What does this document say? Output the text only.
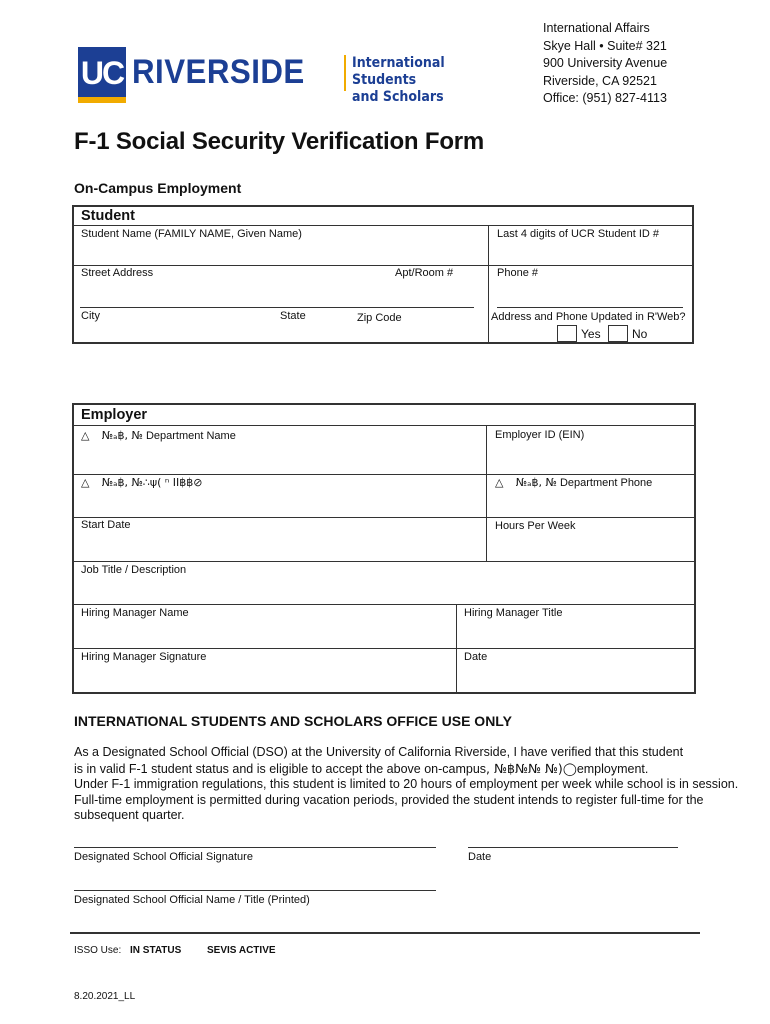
UC RIVERSIDE	International Students
and Scholars
International Affairs
Skye Hall • Suite# 321
900 University Avenue
Riverside, CA 92521
Office: (951) 827-4113
F-1 Social Security Verification Form
On-Campus Employment
Student
Student Name (FAMILY NAME, Given Name)	Last 4 digits of UCR Student ID #
Street Address	Apt/Room #	Phone #
City	State	Zip Code	Address and Phone Updated in R'Web?
Yes	No
Employer
△ №ₐ฿, № Department Name	Employer ID (EIN)
△ №ₐ฿, №∴ψ( ⁿ ⅠⅠ฿฿⊘	△ №ₐ฿, № Department Phone
Start Date	Hours Per Week
Job Title / Description
Hiring Manager Name	Hiring Manager Title
Hiring Manager Signature	Date
INTERNATIONAL STUDENTS AND SCHOLARS OFFICE USE ONLY
As a Designated School Official (DSO) at the University of California Riverside, I have verified that this student
is in valid F-1 student status and is eligible to accept the above on-campus, №฿№№ №)◯employment.
Under F-1 immigration regulations, this student is limited to 20 hours of employment per week while school is in session.
Full-time employment is permitted during vacation periods, provided the student intends to register full-time for the
subsequent quarter.
Designated School Official Signature	Date
Designated School Official Name / Title (Printed)
ISSO Use: IN STATUS	SEVIS ACTIVE
8.20.2021_LL
